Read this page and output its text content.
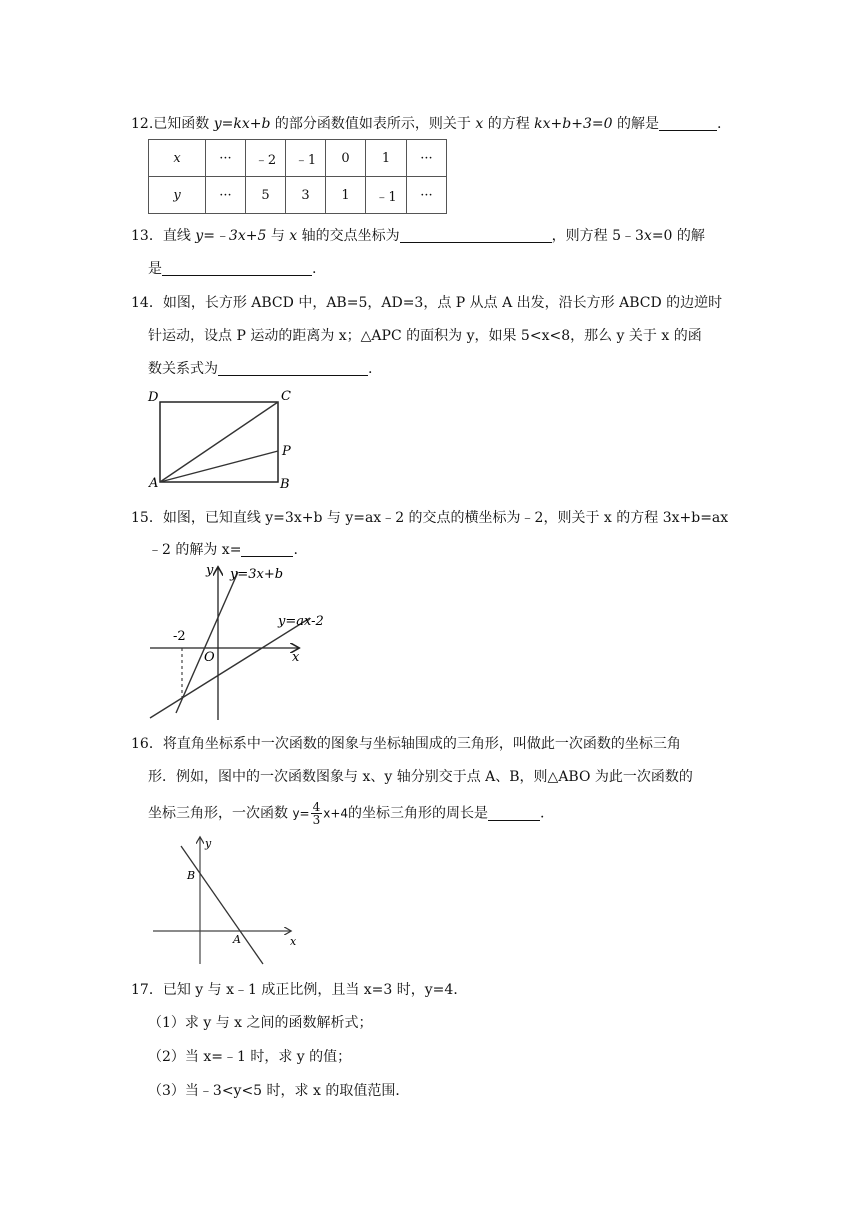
12.已知函数 y=kx+b 的部分函数值如表所示，则关于 x 的方程 kx+b+3=0 的解是	.
x	···	﹣2	﹣1	0	1	···
y	···	5	3	1	﹣1	···
13．直线 y=﹣3x+5 与 x 轴的交点坐标为	，则方程 5﹣3x=0 的解
是	.
14．如图，长方形 ABCD 中，AB=5，AD=3，点 P 从点 A 出发，沿长方形 ABCD 的边逆时
针运动，设点 P 运动的距离为 x；△APC 的面积为 y，如果 5<x<8，那么 y 关于 x 的函
数关系式为	.
D	C
P
A	B
15．如图，已知直线 y=3x+b 与 y=ax﹣2 的交点的横坐标为﹣2，则关于 x 的方程 3x+b=ax
﹣2 的解为 x=	.
-2
O	x
y y=3x+b
y=ax-2
16．将直角坐标系中一次函数的图象与坐标轴围成的三角形，叫做此一次函数的坐标三角
形．例如，图中的一次函数图象与 x、y 轴分别交于点 A、B，则△ABO 为此一次函数的
坐标三角形，一次函数 $y= \frac{4}{3} x+4$的坐标三角形的周长是	.
y
x
B
A
17．已知 y 与 x﹣1 成正比例，且当 x=3 时，y=4．
（1）求 y 与 x 之间的函数解析式；
（2）当 x=﹣1 时，求 y 的值；
（3）当﹣3<y<5 时，求 x 的取值范围．
